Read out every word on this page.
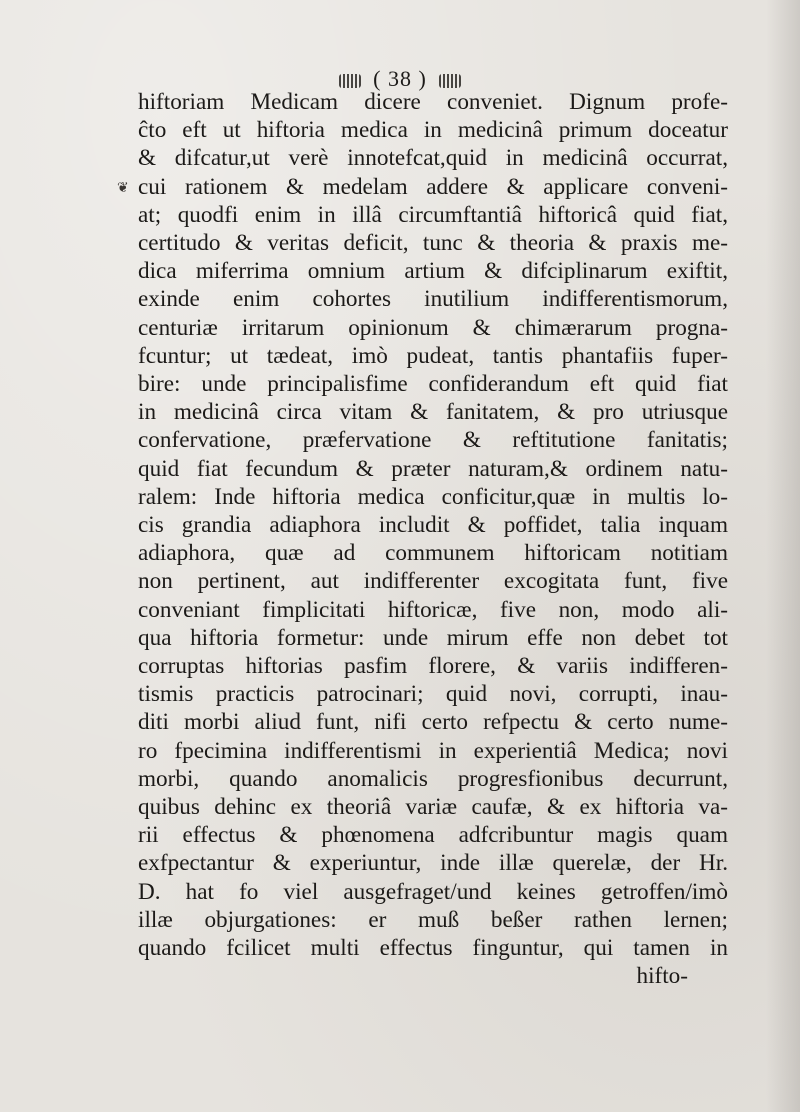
( 38 )
❦
hiftoriam Medicam dicere conveniet. Dignum profe-
ĉto eft ut hiftoria medica in medicinâ primum doceatur
& difcatur,ut verè innotefcat,quid in medicinâ occurrat,
cui rationem & medelam addere & applicare conveni-
at; quodfi enim in illâ circumftantiâ hiftoricâ quid fiat,
certitudo & veritas deficit, tunc & theoria & praxis me-
dica miferrima omnium artium & difciplinarum exiftit,
exinde enim cohortes inutilium indifferentismorum,
centuriæ irritarum opinionum & chimærarum progna-
fcuntur; ut tædeat, imò pudeat, tantis phantafiis fuper-
bire: unde principalisfime confiderandum eft quid fiat
in medicinâ circa vitam & fanitatem, & pro utriusque
confervatione, præfervatione & reftitutione fanitatis;
quid fiat fecundum & præter naturam,& ordinem natu-
ralem: Inde hiftoria medica conficitur,quæ in multis lo-
cis grandia adiaphora includit & poffidet, talia inquam
adiaphora, quæ ad communem hiftoricam notitiam
non pertinent, aut indifferenter excogitata funt, five
conveniant fimplicitati hiftoricæ, five non, modo ali-
qua hiftoria formetur: unde mirum effe non debet tot
corruptas hiftorias pasfim florere, & variis indifferen-
tismis practicis patrocinari; quid novi, corrupti, inau-
diti morbi aliud funt, nifi certo refpectu & certo nume-
ro fpecimina indifferentismi in experientiâ Medica; novi
morbi, quando anomalicis progresfionibus decurrunt,
quibus dehinc ex theoriâ variæ caufæ, & ex hiftoria va-
rii effectus & phœnomena adfcribuntur magis quam
exfpectantur & experiuntur, inde illæ querelæ, der Hr.
D. hat fo viel ausgefraget/und keines getroffen/imò
illæ objurgationes: er muß beßer rathen lernen;
quando fcilicet multi effectus finguntur, qui tamen in
hifto-
